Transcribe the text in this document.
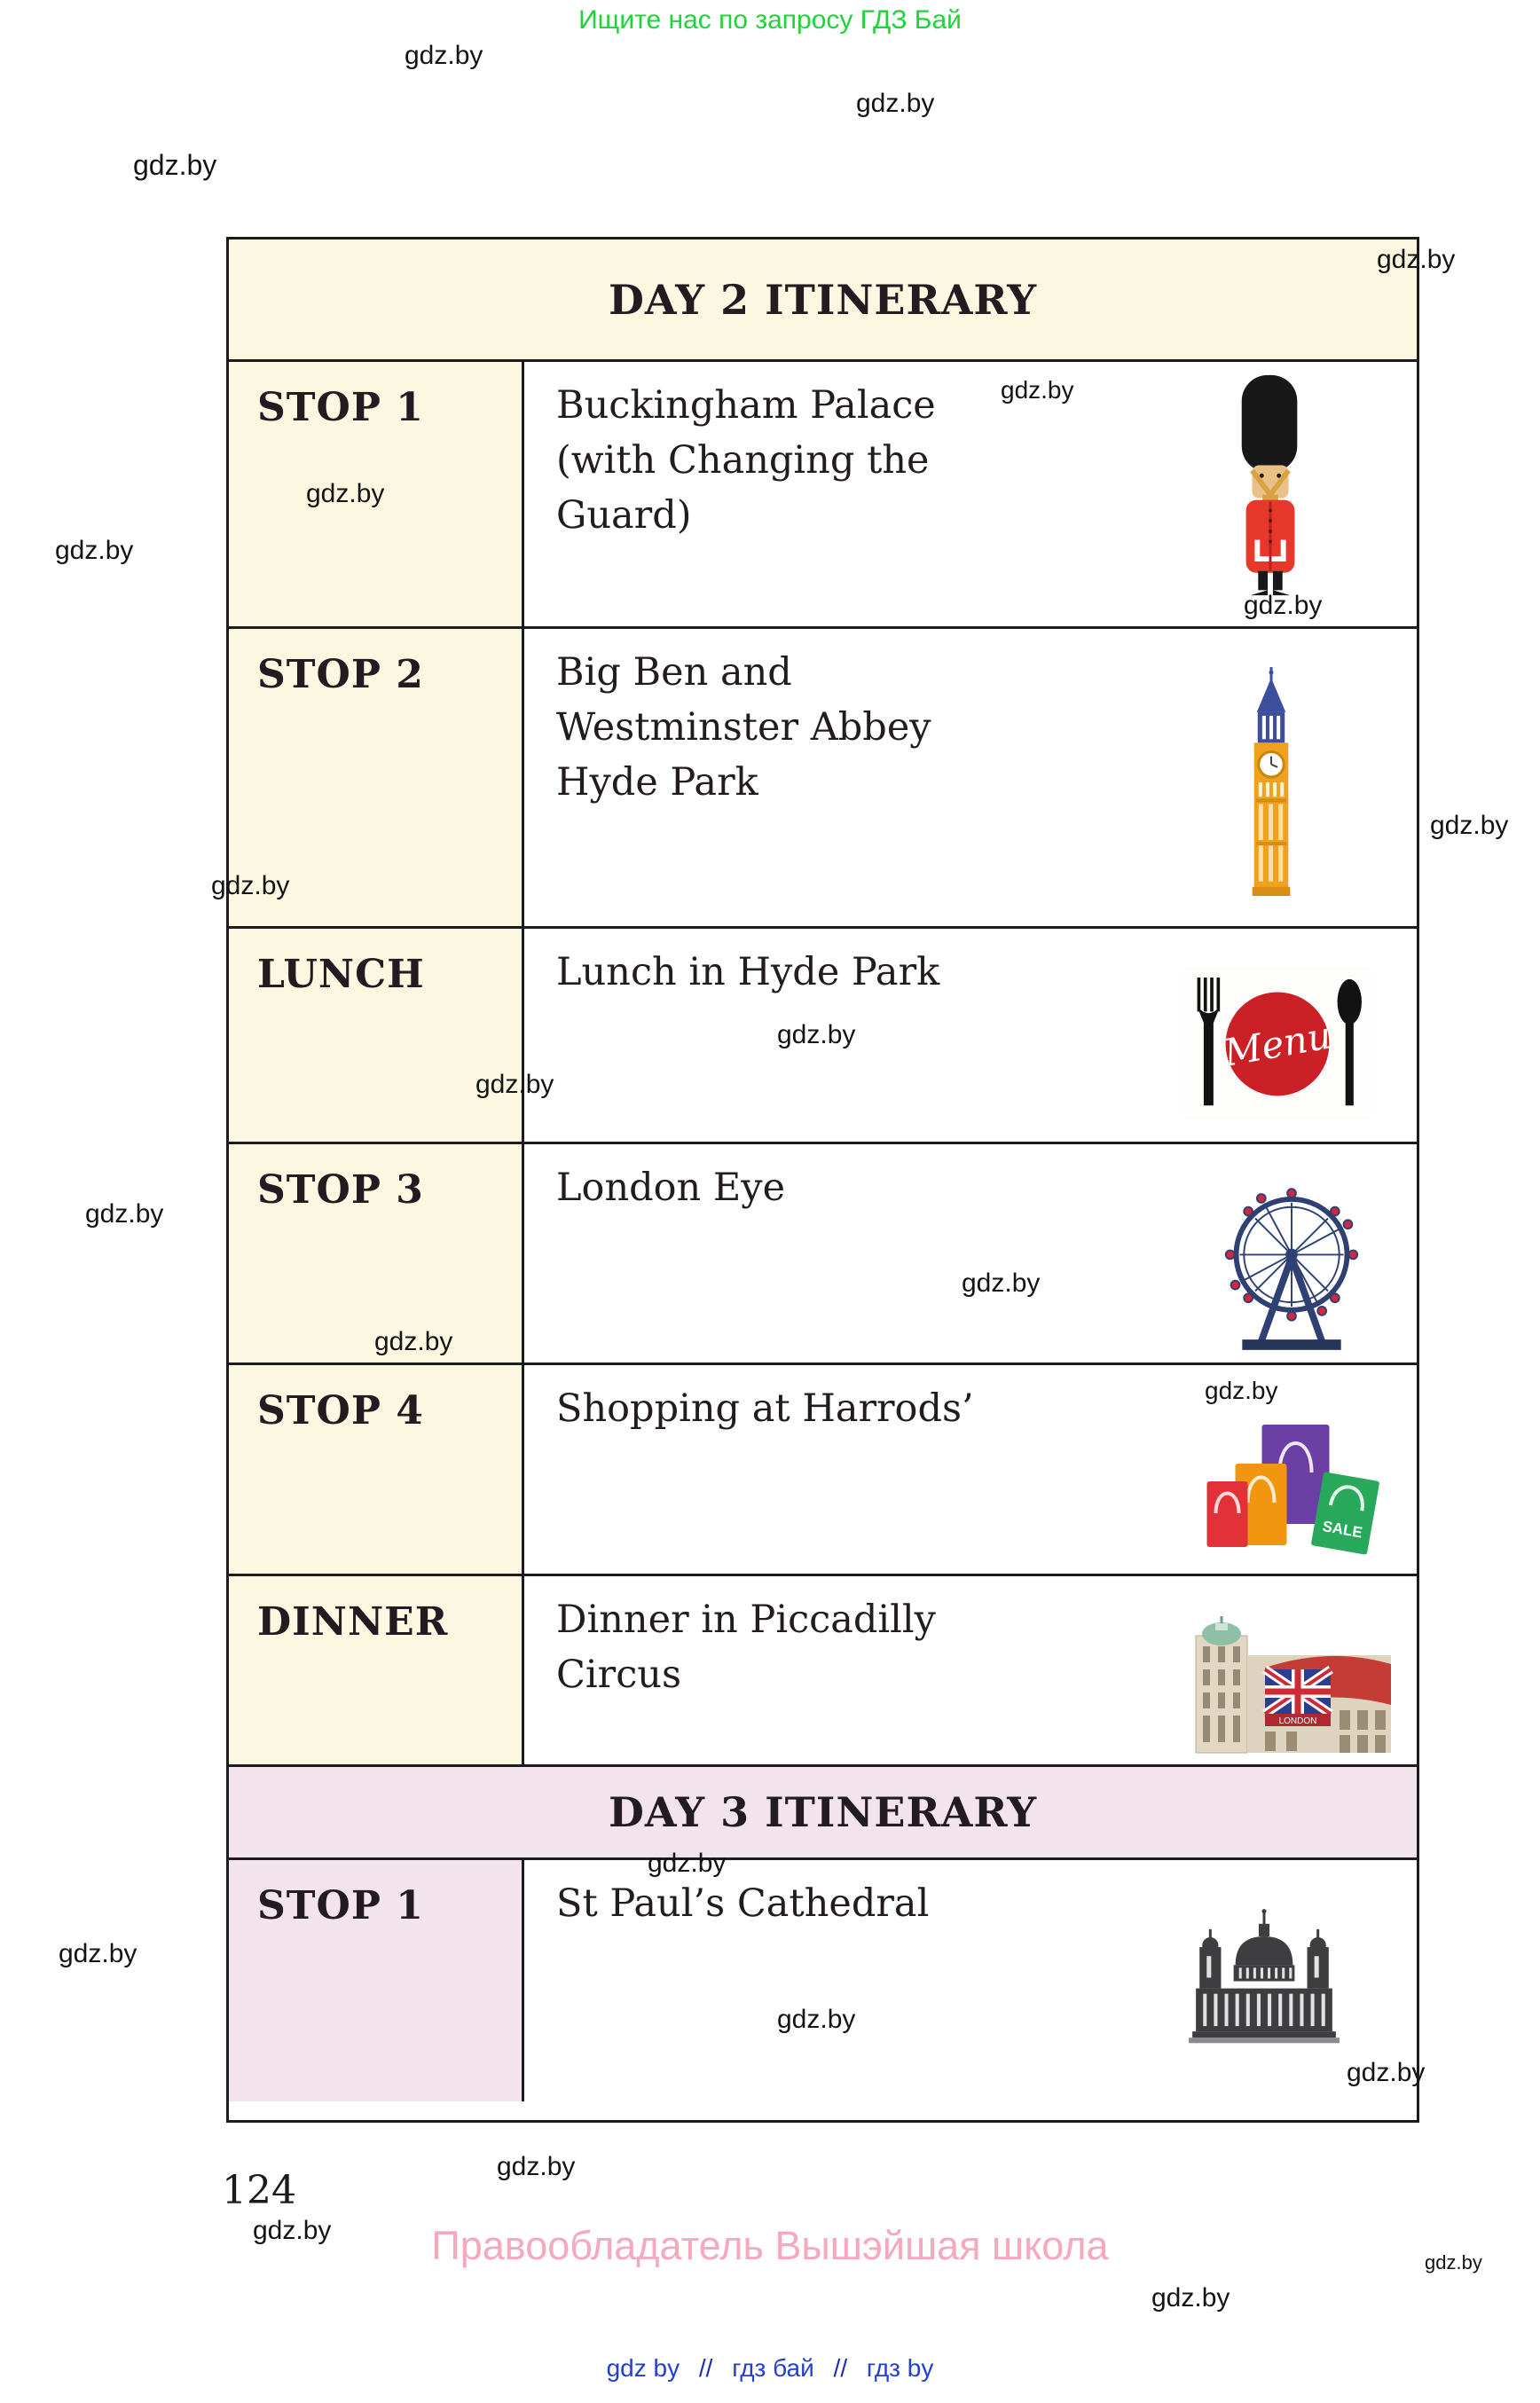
Ищите нас по запросу ГДЗ Бай
gdz.by
gdz.by
gdz.by
gdz.by
gdz.by
gdz.by
gdz.by
gdz.by
gdz.by
gdz.by
gdz.by
gdz.by
gdz.by
gdz.by
gdz.by
gdz.by
gdz.by
gdz.by
gdz.by
gdz.by
gdz.by
gdz.by
gdz.by
gdz.by
DAY 2 ITINERARY
STOP 1	Buckingham Palace
(with Changing the
Guard)
STOP 2	Big Ben and
Westminster Abbey
Hyde Park
LUNCH	Lunch in Hyde Park
STOP 3	London Eye
STOP 4	Shopping at Harrods’
DINNER	Dinner in Piccadilly
Circus
DAY 3 ITINERARY
STOP 1	St Paul’s Cathedral
Menu
SALE
LONDON
124
Правообладатель Вышэйшая школа
gdz by // гдз бай // гдз by
